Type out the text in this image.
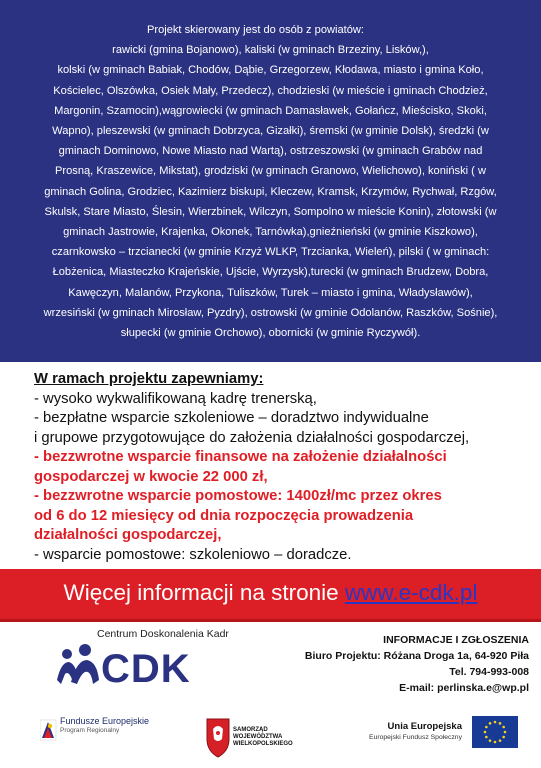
Projekt skierowany jest do osób z powiatów:
rawicki (gmina Bojanowo), kaliski (w gminach Brzeziny, Lisków,),
kolski (w gminach Babiak, Chodów, Dąbie, Grzegorzew, Kłodawa, miasto i gmina Koło,
Kościelec, Olszówka, Osiek Mały, Przedecz), chodzieski (w mieście i gminach Chodzież,
Margonin, Szamocin),wągrowiecki (w gminach Damasławek, Gołańcz, Mieścisko, Skoki,
Wapno), pleszewski (w gminach Dobrzyca, Gizałki), śremski (w gminie Dolsk), średzki (w
gminach Dominowo, Nowe Miasto nad Wartą), ostrzeszowski (w gminach Grabów nad
Prosną, Kraszewice, Mikstat), grodziski (w gminach Granowo, Wielichowo), koniński ( w
gminach Golina, Grodziec, Kazimierz biskupi, Kleczew, Kramsk, Krzymów, Rychwał, Rzgów,
Skulsk, Stare Miasto, Ślesin, Wierzbinek, Wilczyn, Sompolno w mieście Konin), złotowski (w
gminach Jastrowie, Krajenka, Okonek, Tarnówka),gnieźnieński (w gminie Kiszkowo),
czarnkowsko – trzcianecki (w gminie Krzyż WLKP, Trzcianka, Wieleń), pilski ( w gminach:
Łobżenica, Miasteczko Krajeńskie, Ujście, Wyrzysk),turecki (w gminach Brudzew, Dobra,
Kawęczyn, Malanów, Przykona, Tuliszków, Turek – miasto i gmina, Władysławów),
wrzesiński (w gminach Mirosław, Pyzdry), ostrowski (w gminie Odolanów, Raszków, Sośnie),
słupecki (w gminie Orchowo), obornicki (w gminie Ryczywół).
W ramach projektu zapewniamy:
- wysoko wykwalifikowaną kadrę trenerską,
- bezpłatne wsparcie szkoleniowe – doradztwo indywidualne
i grupowe przygotowujące do założenia działalności gospodarczej,
- bezzwrotne wsparcie finansowe na założenie działalności
gospodarczej w kwocie 22 000 zł,
- bezzwrotne wsparcie pomostowe: 1400zł/mc przez okres
od 6 do 12 miesięcy od dnia rozpoczęcia prowadzenia
działalności gospodarczej,
- wsparcie pomostowe: szkoleniowo – doradcze.
Więcej informacji na stronie www.e-cdk.pl
CDK
Centrum Doskonalenia Kadr	INFORMACJE I ZGŁOSZENIA
Biuro Projektu: Różana Droga 1a, 64-920 Piła
Tel. 794-993-008
E-mail: perlinska.e@wp.pl
Fundusze Europejskie
Program Regionalny	SAMORZĄD WOJEWÓDZTWA WIELKOPOLSKIEGO
Unia Europejska
Europejski Fundusz Społeczny
